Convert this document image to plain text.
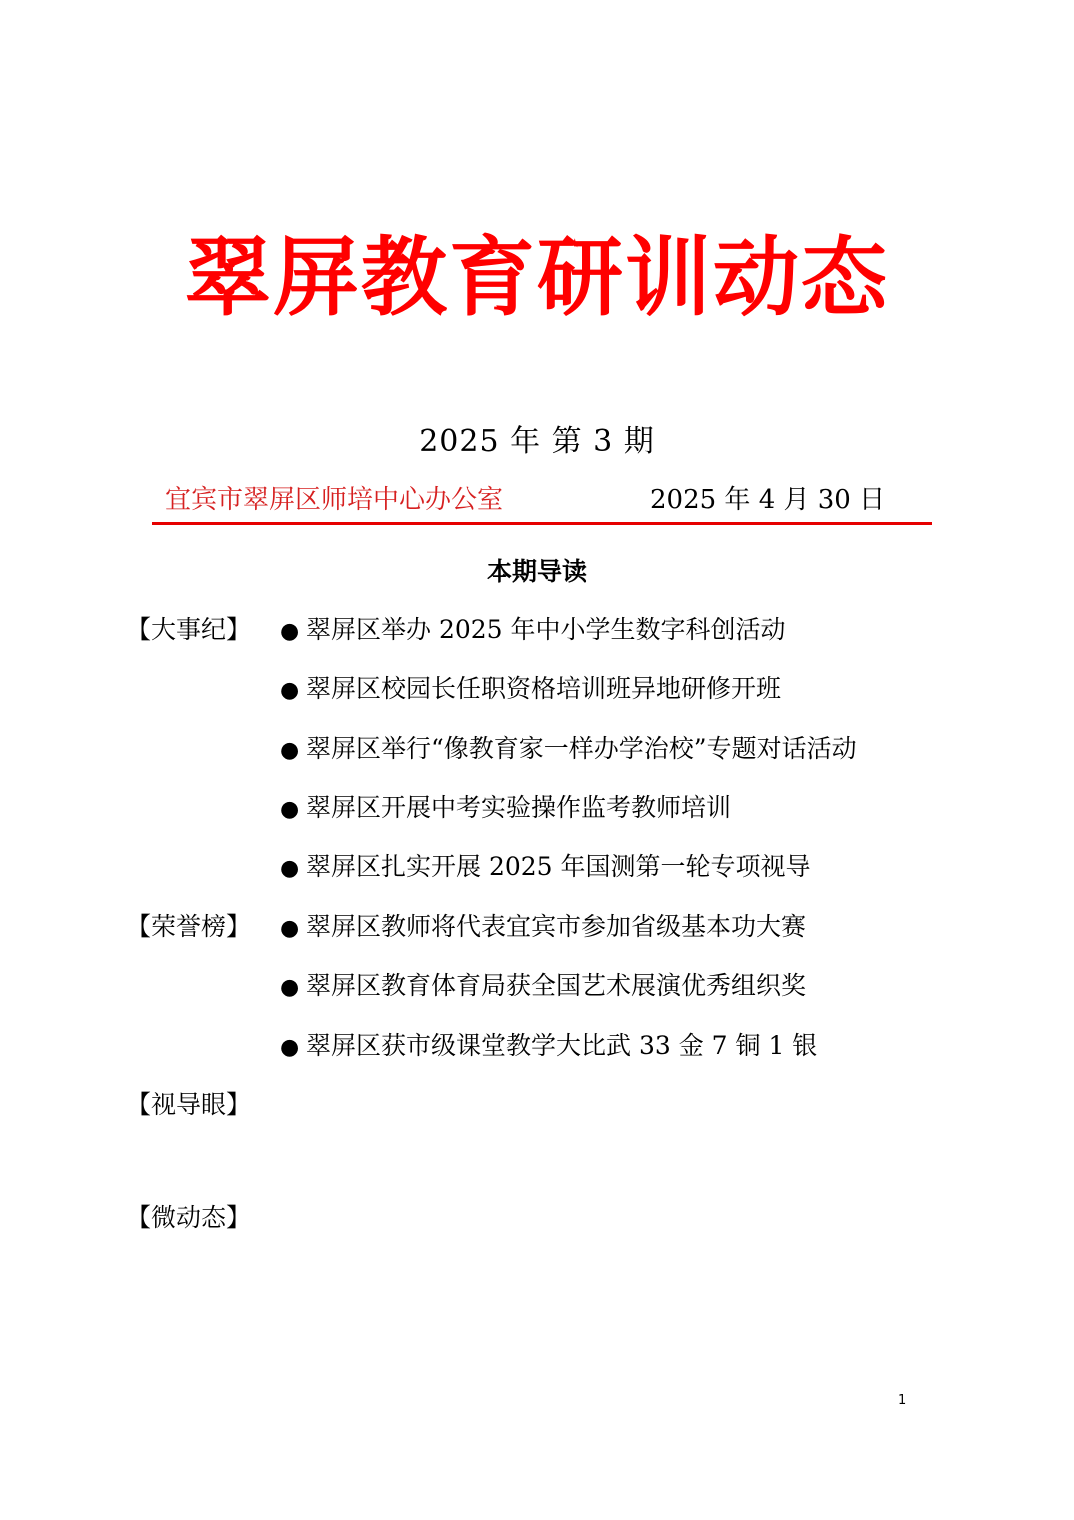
翠屏教育研训动态
2025 年 第 3 期
宜宾市翠屏区师培中心办公室	2025 年 4 月 30 日
本期导读
【大事纪】 ● 翠屏区举办 2025 年中小学生数字科创活动
● 翠屏区校园长任职资格培训班异地研修开班
● 翠屏区举行“像教育家一样办学治校”专题对话活动
● 翠屏区开展中考实验操作监考教师培训
● 翠屏区扎实开展 2025 年国测第一轮专项视导
【荣誉榜】 ● 翠屏区教师将代表宜宾市参加省级基本功大赛
● 翠屏区教育体育局获全国艺术展演优秀组织奖
● 翠屏区获市级课堂教学大比武 33 金 7 铜 1 银
【视导眼】
【微动态】
1
